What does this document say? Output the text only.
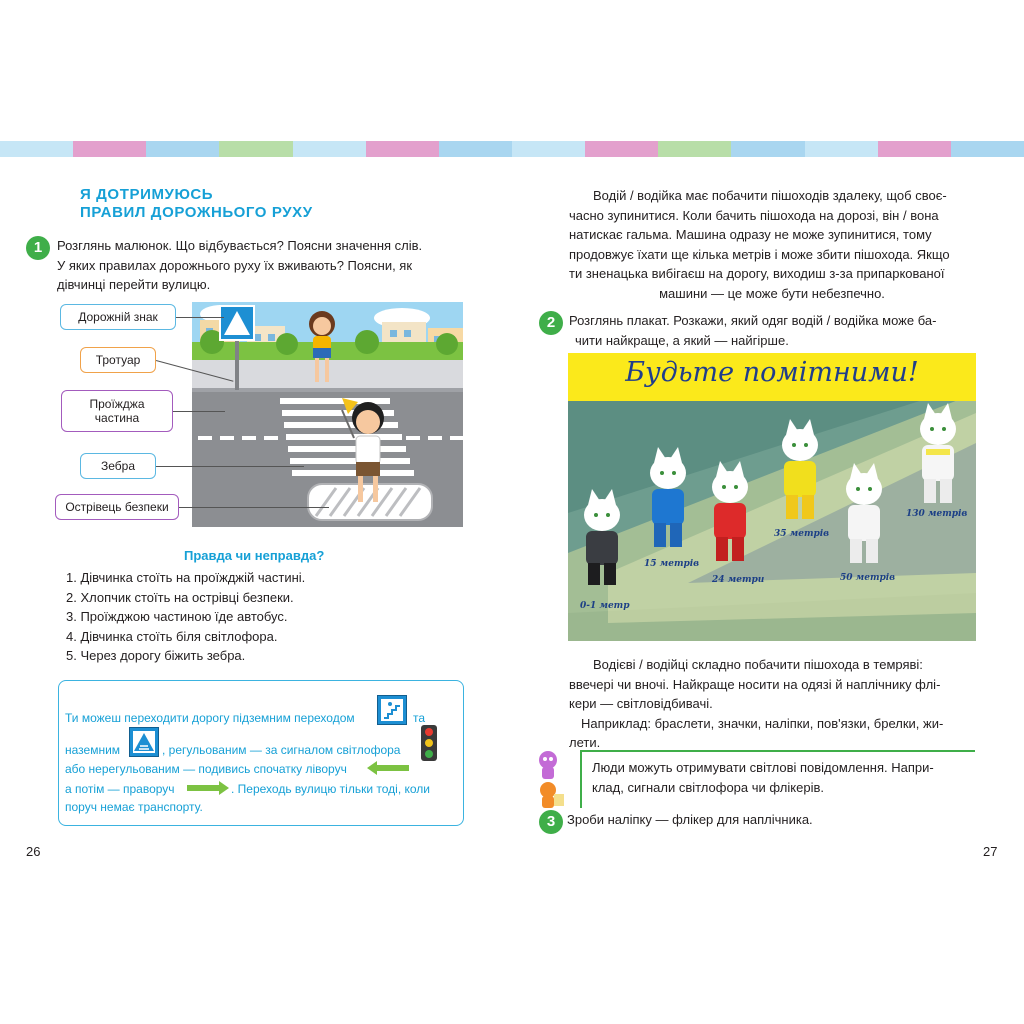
Я ДОТРИМУЮСЬ
ПРАВИЛ ДОРОЖНЬОГО РУХУ
1	Розглянь малюнок. Що відбувається? Поясни значення слів.
У яких правилах дорожнього руху їх вживають? Поясни, як
дівчинці перейти вулицю.
Дорожній знак
Тротуар
Проїжджа
частина
Зебра
Острівець безпеки
Правда чи неправда?
1. Дівчинка стоїть на проїжджій частині.
2. Хлопчик стоїть на острівці безпеки.
3. Проїжджою частиною їде автобус.
4. Дівчинка стоїть біля світлофора.
5. Через дорогу біжить зебра.
Ти можеш переходити дорогу підземним переходом	та
наземним	, регульованим — за сигналом світлофора
або нерегульованим — подивись спочатку ліворуч
а потім — праворуч	. Переходь вулицю тільки тоді, коли
поруч немає транспорту.
26
Водій / водійка має побачити пішоходів здалеку, щоб своє-
часно зупинитися. Коли бачить пішохода на дорозі, він / вона
натискає гальма. Машина одразу не може зупинитися, тому
продовжує їхати ще кілька метрів і може збити пішохода. Якщо
ти зненацька вибігаєш на дорогу, виходиш з-за припаркованої
машини — це може бути небезпечно.
2	Розглянь плакат. Розкажи, який одяг водій / водійка може ба-
чити найкраще, а який — найгірше.
Будьте помітними!
0-1 метр
15 метрів
24 метри
35 метрів
50 метрів
130 метрів
Водієві / водійці складно побачити пішохода в темряві:
ввечері чи вночі. Найкраще носити на одязі й наплічнику флі-
кери — світловідбивачі.
Наприклад: браслети, значки, наліпки, пов'язки, брелки, жи-
лети.
Люди можуть отримувати світлові повідомлення. Напри-
клад, сигнали світлофора чи флікерів.
3 Зроби наліпку — флікер для наплічника.
27
